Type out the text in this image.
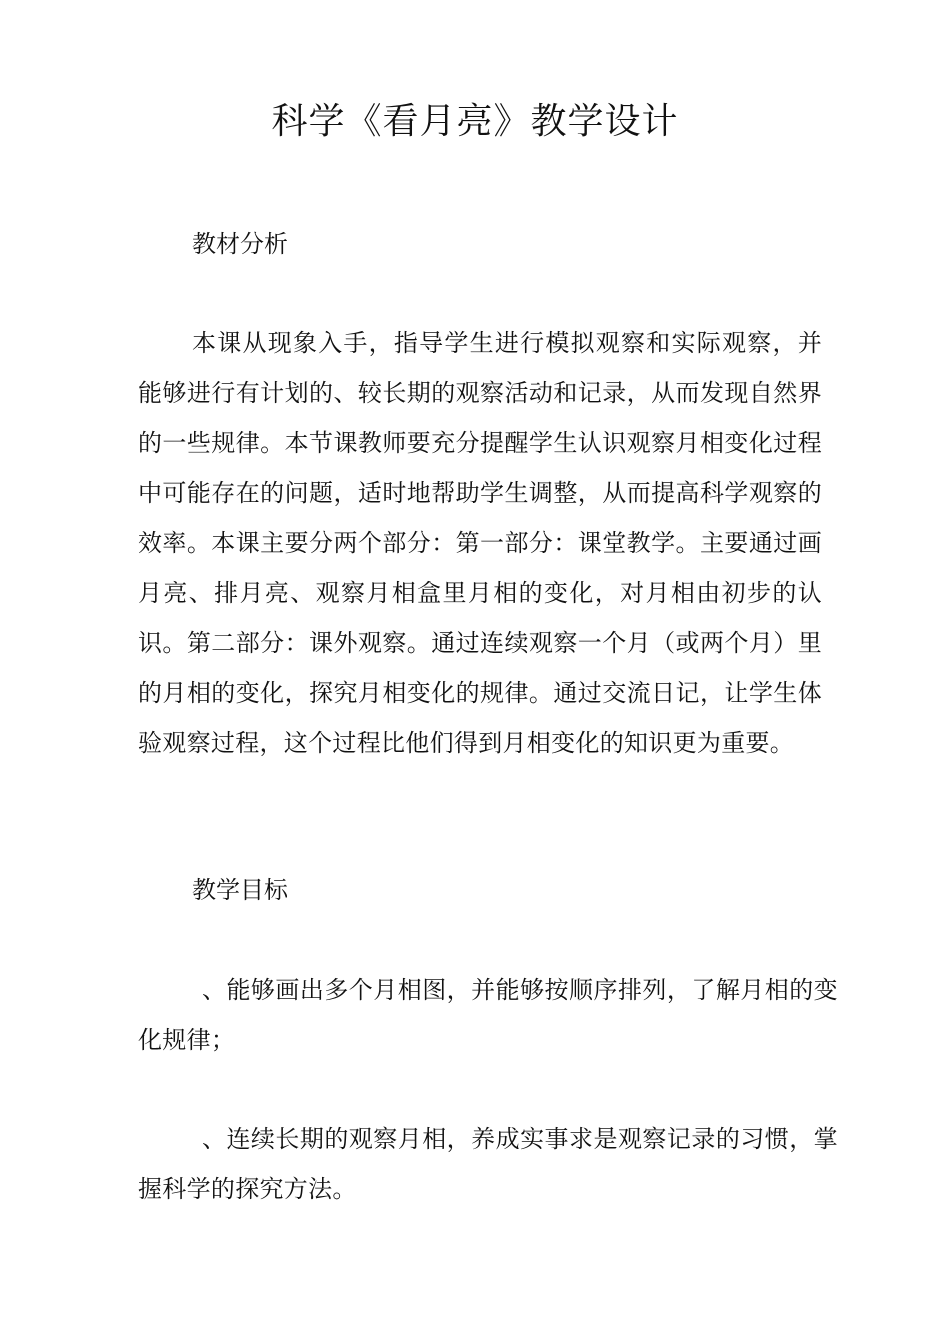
科学《看月亮》教学设计
教材分析

本课从现象入手，指导学生进行模拟观察和实际观察，并能够进行有计划的、较长期的观察活动和记录，从而发现自然界的一些规律。本节课教师要充分提醒学生认识观察月相变化过程中可能存在的问题，适时地帮助学生调整，从而提高科学观察的效率。本课主要分两个部分：第一部分：课堂教学。主要通过画月亮、排月亮、观察月相盒里月相的变化，对月相由初步的认识。第二部分：课外观察。通过连续观察一个月（或两个月）里的月相的变化，探究月相变化的规律。通过交流日记，让学生体验观察过程，这个过程比他们得到月相变化的知识更为重要。

教学目标

、能够画出多个月相图，并能够按顺序排列，了解月相的变化规律；

、连续长期的观察月相，养成实事求是观察记录的习惯，掌握科学的探究方法。
